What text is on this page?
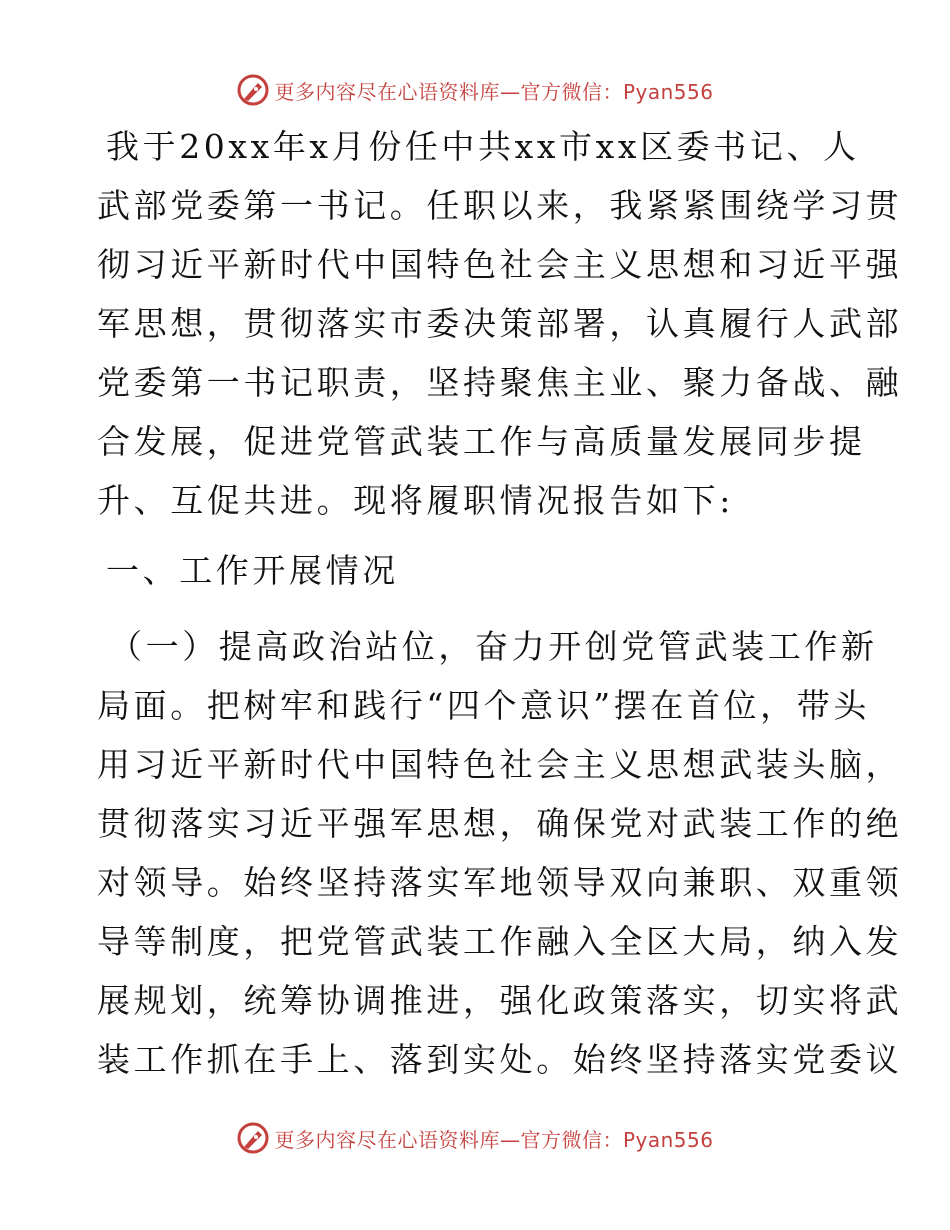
更多内容尽在心语资料库—官方微信：Pyan556
我于20xx年x月份任中共xx市xx区委书记、人
武部党委第一书记。任职以来，我紧紧围绕学习贯
彻习近平新时代中国特色社会主义思想和习近平强
军思想，贯彻落实市委决策部署，认真履行人武部
党委第一书记职责，坚持聚焦主业、聚力备战、融
合发展，促进党管武装工作与高质量发展同步提
升、互促共进。现将履职情况报告如下:
一、工作开展情况
（一）提高政治站位，奋力开创党管武装工作新
局面。把树牢和践行“四个意识”摆在首位，带头
用习近平新时代中国特色社会主义思想武装头脑，
贯彻落实习近平强军思想，确保党对武装工作的绝
对领导。始终坚持落实军地领导双向兼职、双重领
导等制度，把党管武装工作融入全区大局，纳入发
展规划，统筹协调推进，强化政策落实，切实将武
装工作抓在手上、落到实处。始终坚持落实党委议
更多内容尽在心语资料库—官方微信：Pyan556
